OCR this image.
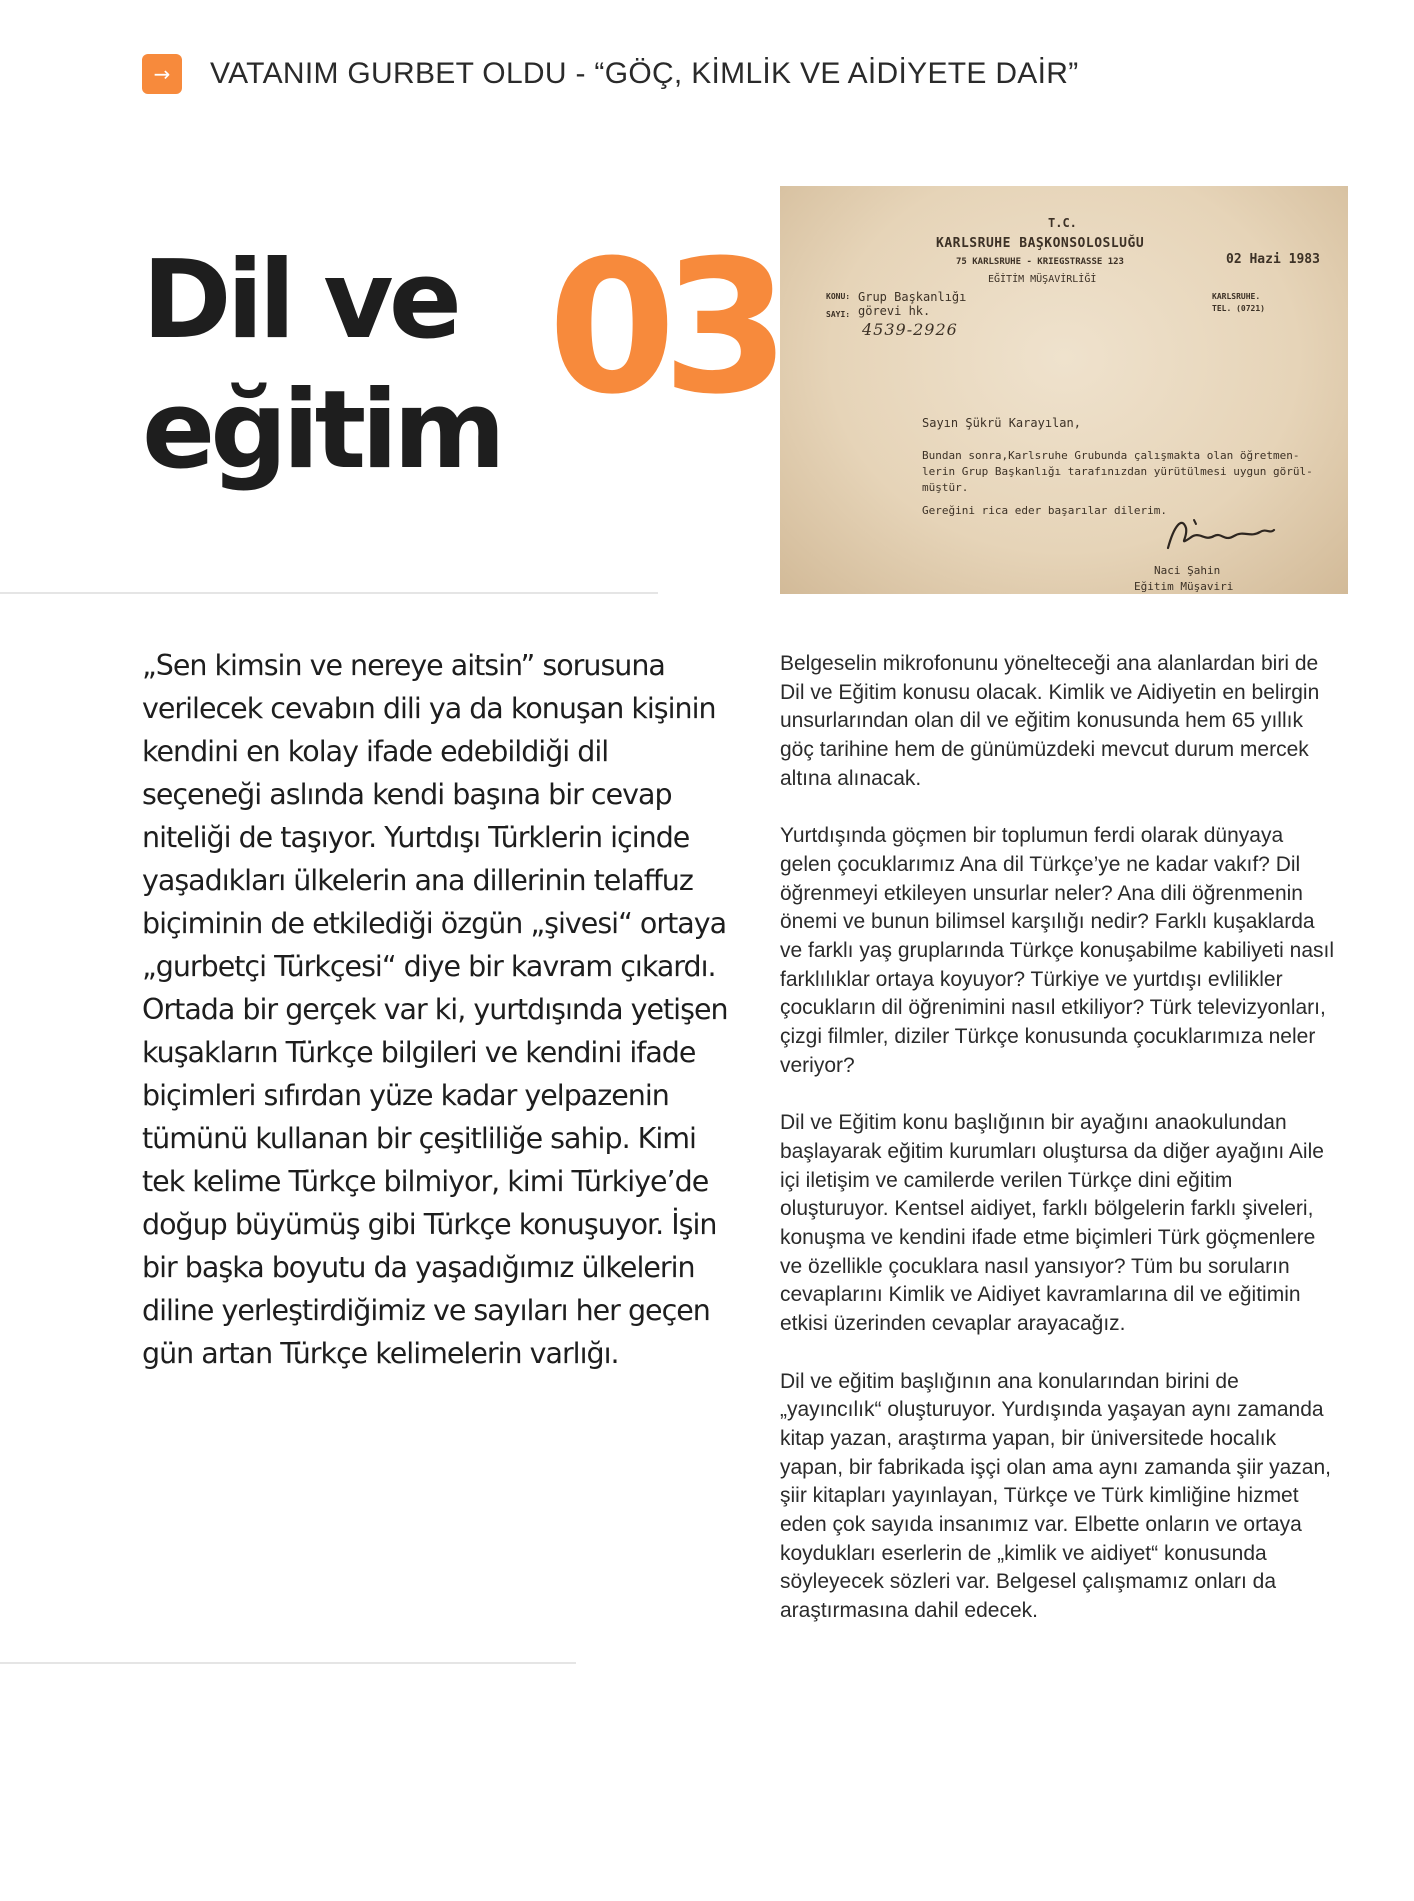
→	VATANIM GURBET OLDU - “GÖÇ, KİMLİK VE AİDİYETE DAİR”
Dil ve
eğitim 03	T.C.
KARLSRUHE BAŞKONSOLOSLUĞU
75 KARLSRUHE - KRIEGSTRASSE 123
EĞİTİM MÜŞAVİRLİĞİ
02 Hazi 1983
KONU: Grup Başkanlığı
SAYI: görevi hk.
4539-2926
KARLSRUHE.
TEL. (0721)
Sayın Şükrü Karayılan,
Bundan sonra,Karlsruhe Grubunda çalışmakta olan öğretmen-
lerin Grup Başkanlığı tarafınızdan yürütülmesi uygun görül-
müştür.
Gereğini rica eder başarılar dilerim.
Naci Şahin
Eğitim Müşaviri

„Sen kimsin ve nereye aitsin” sorusuna verilecek cevabın dili ya da konuşan kişinin kendini en kolay ifade edebildiği dil seçeneği aslında kendi başına bir cevap niteliği de taşıyor. Yurtdışı Türklerin içinde yaşadıkları ülkelerin ana dillerinin telaffuz biçiminin de etkilediği özgün „şivesi“ ortaya „gurbetçi Türkçesi“ diye bir kavram çıkardı. Ortada bir gerçek var ki, yurtdışında yetişen kuşakların Türkçe bilgileri ve kendini ifade biçimleri sıfırdan yüze kadar yelpazenin tümünü kullanan bir çeşitliliğe sahip. Kimi tek kelime Türkçe bilmiyor, kimi Türkiye’de doğup büyümüş gibi Türkçe konuşuyor. İşin bir başka boyutu da yaşadığımız ülkelerin diline yerleştirdiğimiz ve sayıları her geçen gün artan Türkçe kelimelerin varlığı.

Belgeselin mikrofonunu yönelteceği ana alanlardan biri de Dil ve Eğitim konusu olacak. Kimlik ve Aidiyetin en belirgin unsurlarından olan dil ve eğitim konusunda hem 65 yıllık göç tarihine hem de günümüzdeki mevcut durum mercek altına alınacak.

Yurtdışında göçmen bir toplumun ferdi olarak dünyaya gelen çocuklarımız Ana dil Türkçe’ye ne kadar vakıf? Dil öğrenmeyi etkileyen unsurlar neler? Ana dili öğrenmenin önemi ve bunun bilimsel karşılığı nedir? Farklı kuşaklarda ve farklı yaş gruplarında Türkçe konuşabilme kabiliyeti nasıl farklılıklar ortaya koyuyor? Türkiye ve yurtdışı evlilikler çocukların dil öğrenimini nasıl etkiliyor? Türk televizyonları, çizgi filmler, diziler Türkçe konusunda çocuklarımıza neler veriyor?

Dil ve Eğitim konu başlığının bir ayağını anaokulundan başlayarak eğitim kurumları oluştursa da diğer ayağını Aile içi iletişim ve camilerde verilen Türkçe dini eğitim oluşturuyor. Kentsel aidiyet, farklı bölgelerin farklı şiveleri, konuşma ve kendini ifade etme biçimleri Türk göçmenlere ve özellikle çocuklara nasıl yansıyor? Tüm bu soruların cevaplarını Kimlik ve Aidiyet kavramlarına dil ve eğitimin etkisi üzerinden cevaplar arayacağız.

Dil ve eğitim başlığının ana konularından birini de „yayıncılık“ oluşturuyor. Yurdışında yaşayan aynı zamanda kitap yazan, araştırma yapan, bir üniversitede hocalık yapan, bir fabrikada işçi olan ama aynı zamanda şiir yazan, şiir kitapları yayınlayan, Türkçe ve Türk kimliğine hizmet eden çok sayıda insanımız var. Elbette onların ve ortaya koydukları eserlerin de „kimlik ve aidiyet“ konusunda söyleyecek sözleri var. Belgesel çalışmamız onları da araştırmasına dahil edecek.
